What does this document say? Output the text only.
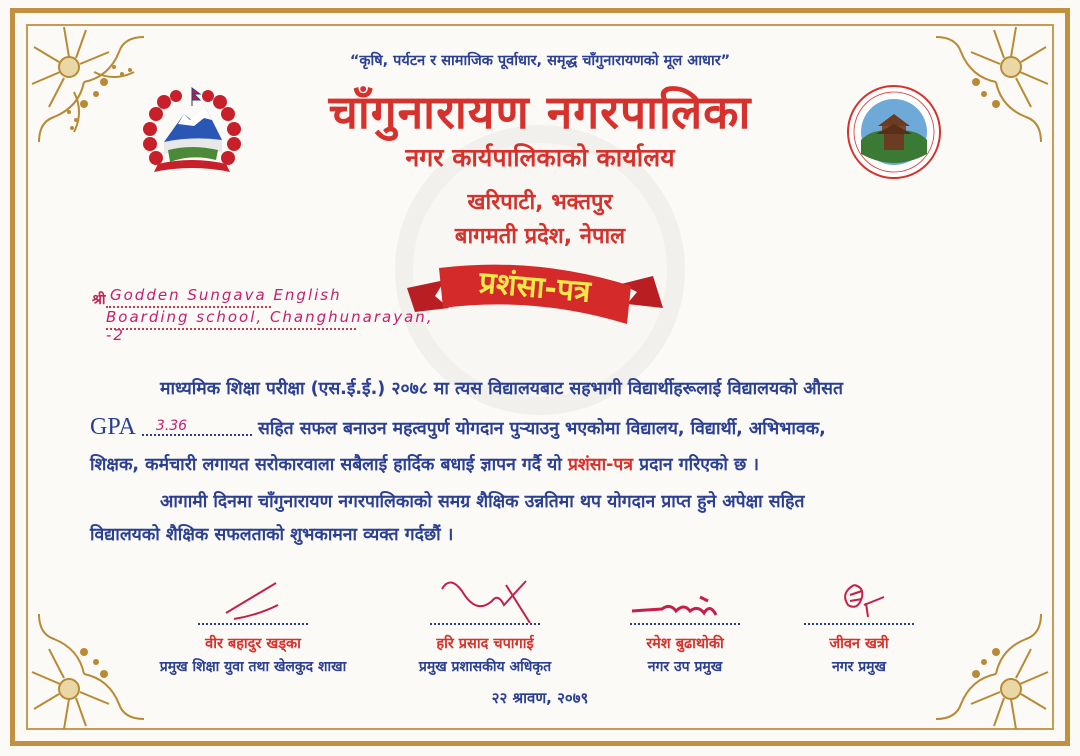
“कृषि, पर्यटन र सामाजिक पूर्वाधार, समृद्ध चाँगुनारायणको मूल आधार”
चाँगुनारायण नगरपालिका
नगर कार्यपालिकाको कार्यालय
खरिपाटी, भक्तपुर
बागमती प्रदेश, नेपाल
प्रशंसा-पत्र
श्री Godden Sungava English
Boarding school, Changhunarayan, -2
माध्यमिक शिक्षा परीक्षा (एस.ई.ई.) २०७८ मा त्यस विद्यालयबाट सहभागी विद्यार्थीहरूलाई विद्यालयको औसत
GPA 3.36	सहित सफल बनाउन महत्वपुर्ण योगदान पुऱ्याउनु भएकोमा विद्यालय, विद्यार्थी, अभिभावक,
शिक्षक, कर्मचारी लगायत सरोकारवाला सबैलाई हार्दिक बधाई ज्ञापन गर्दै यो प्रशंसा-पत्र प्रदान गरिएको छ ।
आगामी दिनमा चाँगुनारायण नगरपालिकाको समग्र शैक्षिक उन्नतिमा थप योगदान प्राप्त हुने अपेक्षा सहित
विद्यालयको शैक्षिक सफलताको शुभकामना व्यक्त गर्दछौं ।
वीर बहादुर खड्का
प्रमुख शिक्षा युवा तथा खेलकुद शाखा
हरि प्रसाद चपागाई
प्रमुख प्रशासकीय अधिकृत
रमेश बुढाथोकी
नगर उप प्रमुख
जीवन खत्री
नगर प्रमुख
२२ श्रावण, २०७९
